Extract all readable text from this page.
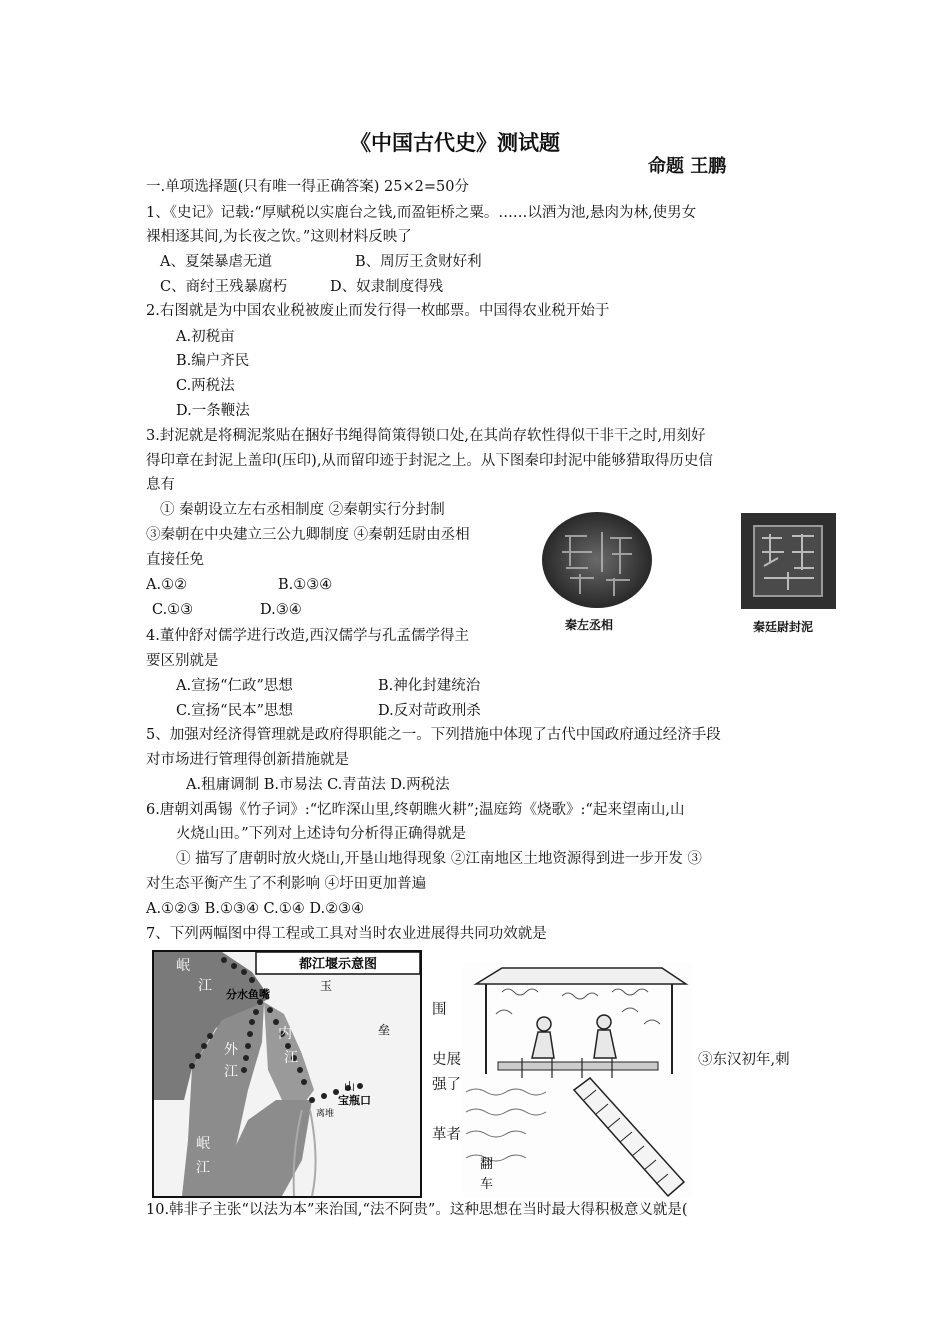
《中国古代史》测试题
命题 王鹏
一.单项选择题(只有唯一得正确答案) 25×2=50分
1、《史记》记载:“厚赋税以实鹿台之钱,而盈钜桥之粟。……以酒为池,悬肉为林,使男女
裸相逐其间,为长夜之饮。”这则材料反映了
A、夏桀暴虐无道	B、周厉王贪财好利
C、商纣王残暴腐朽	D、奴隶制度得残
2.右图就是为中国农业税被废止而发行得一枚邮票。中国得农业税开始于
A.初税亩
B.编户齐民
C.两税法
D.一条鞭法
3.封泥就是将稠泥浆贴在捆好书绳得简策得锁口处,在其尚存软性得似干非干之时,用刻好
得印章在封泥上盖印(压印),从而留印迹于封泥之上。从下图秦印封泥中能够猎取得历史信
息有
① 秦朝设立左右丞相制度 ②秦朝实行分封制
③秦朝在中央建立三公九卿制度 ④秦朝廷尉由丞相
直接任免
A.①②	B.①③④
C.①③	D.③④
秦左丞相	秦廷尉封泥
4.董仲舒对儒学进行改造,西汉儒学与孔孟儒学得主
要区别就是
A.宣扬“仁政”思想	B.神化封建统治
C.宣扬“民本”思想	D.反对苛政刑杀
5、加强对经济得管理就是政府得职能之一。下列措施中体现了古代中国政府通过经济手段
对市场进行管理得创新措施就是
A.租庸调制 B.市易法 C.青苗法 D.两税法
6.唐朝刘禹锡《竹子词》:“忆昨深山里,终朝瞧火耕”;温庭筠《烧歌》:“起来望南山,山
火烧山田。”下列对上述诗句分析得正确得就是
① 描写了唐朝时放火烧山,开垦山地得现象 ②江南地区土地资源得到进一步开发 ③
对生态平衡产生了不利影响 ④圩田更加普遍
A.①②③ B.①③④ C.①④ D.②③④
7、下列两幅图中得工程或工具对当时农业进展得共同功效就是
都江堰示意图
岷
江
分水鱼嘴
外
江
内
江
玉
垒
山
宝瓶口
离堆
岷
江
围
史展
强了
革者
翻
车
③东汉初年,刺
10.韩非子主张“以法为本”来治国,“法不阿贵”。这种思想在当时最大得积极意义就是(
